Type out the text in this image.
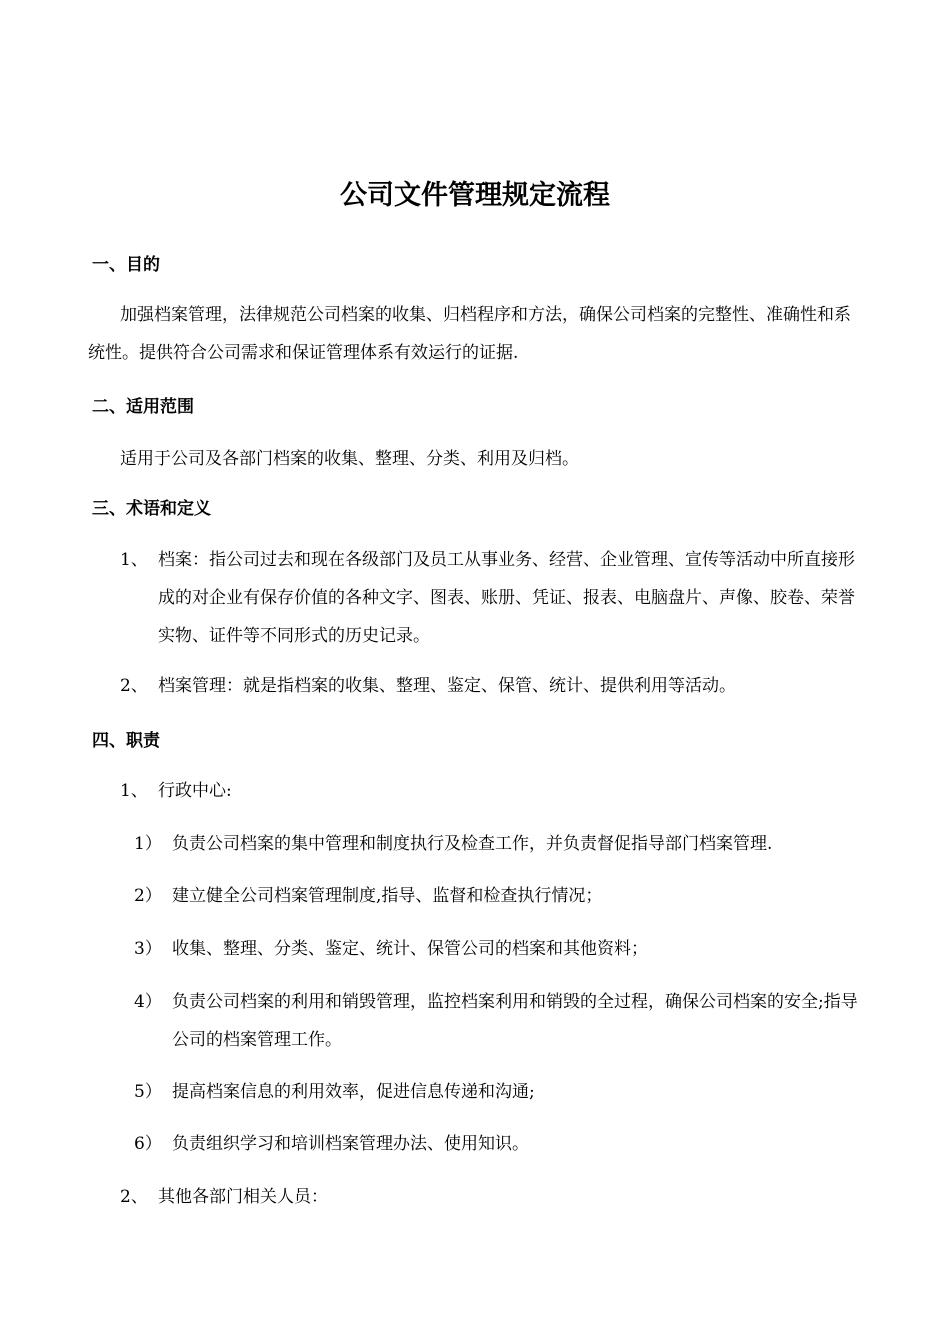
公司文件管理规定流程
一、目的
加强档案管理，法律规范公司档案的收集、归档程序和方法，确保公司档案的完整性、准确性和系统性。提供符合公司需求和保证管理体系有效运行的证据.
二、适用范围
适用于公司及各部门档案的收集、整理、分类、利用及归档。
三、术语和定义
1、 档案：指公司过去和现在各级部门及员工从事业务、经营、企业管理、宣传等活动中所直接形成的对企业有保存价值的各种文字、图表、账册、凭证、报表、电脑盘片、声像、胶卷、荣誉实物、证件等不同形式的历史记录。
2、 档案管理：就是指档案的收集、整理、鉴定、保管、统计、提供利用等活动。
四、职责
1、 行政中心:
1） 负责公司档案的集中管理和制度执行及检查工作，并负责督促指导部门档案管理.
2） 建立健全公司档案管理制度,指导、监督和检查执行情况；
3） 收集、整理、分类、鉴定、统计、保管公司的档案和其他资料；
4） 负责公司档案的利用和销毁管理，监控档案利用和销毁的全过程，确保公司档案的安全;指导公司的档案管理工作。
5） 提高档案信息的利用效率，促进信息传递和沟通;
6） 负责组织学习和培训档案管理办法、使用知识。
2、 其他各部门相关人员：
